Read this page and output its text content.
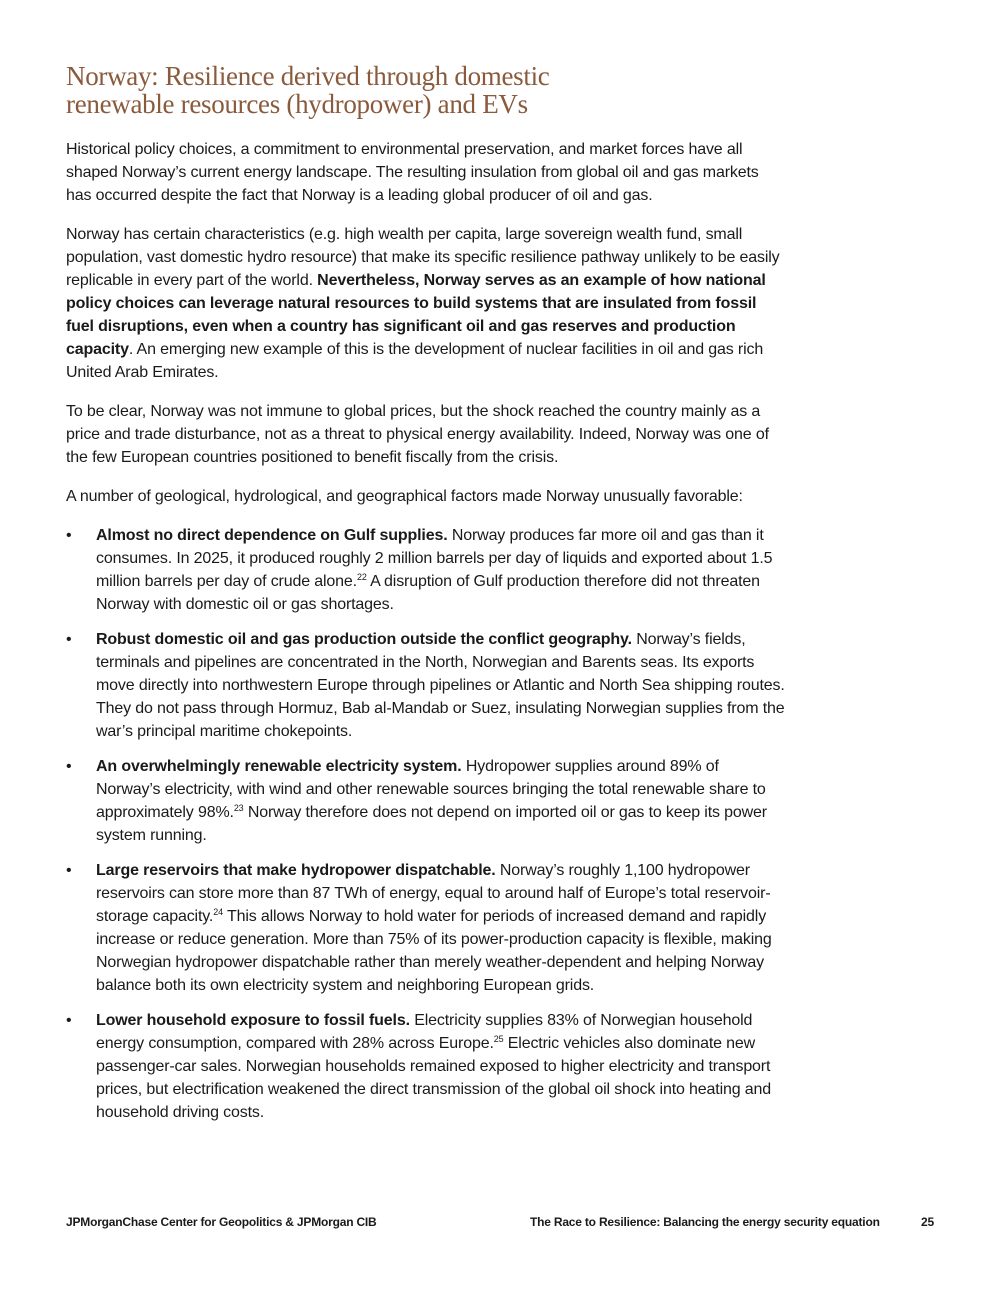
Norway: Resilience derived through domestic
renewable resources (hydropower) and EVs

Historical policy choices, a commitment to environmental preservation, and market forces have all shaped Norway’s current energy landscape. The resulting insulation from global oil and gas markets has occurred despite the fact that Norway is a leading global producer of oil and gas.

Norway has certain characteristics (e.g. high wealth per capita, large sovereign wealth fund, small population, vast domestic hydro resource) that make its specific resilience pathway unlikely to be easily replicable in every part of the world. Nevertheless, Norway serves as an example of how national policy choices can leverage natural resources to build systems that are insulated from fossil fuel disruptions, even when a country has significant oil and gas reserves and production capacity. An emerging new example of this is the development of nuclear facilities in oil and gas rich United Arab Emirates.

To be clear, Norway was not immune to global prices, but the shock reached the country mainly as a price and trade disturbance, not as a threat to physical energy availability. Indeed, Norway was one of the few European countries positioned to benefit fiscally from the crisis.

A number of geological, hydrological, and geographical factors made Norway unusually favorable:

• Almost no direct dependence on Gulf supplies. Norway produces far more oil and gas than it consumes. In 2025, it produced roughly 2 million barrels per day of liquids and exported about 1.5 million barrels per day of crude alone.$^{22}$ A disruption of Gulf production therefore did not threaten Norway with domestic oil or gas shortages.
• Robust domestic oil and gas production outside the conflict geography. Norway’s fields, terminals and pipelines are concentrated in the North, Norwegian and Barents seas. Its exports move directly into northwestern Europe through pipelines or Atlantic and North Sea shipping routes. They do not pass through Hormuz, Bab al-Mandab or Suez, insulating Norwegian supplies from the war’s principal maritime chokepoints.
• An overwhelmingly renewable electricity system. Hydropower supplies around 89% of Norway’s electricity, with wind and other renewable sources bringing the total renewable share to approximately 98%.$^{23}$ Norway therefore does not depend on imported oil or gas to keep its power system running.
• Large reservoirs that make hydropower dispatchable. Norway’s roughly 1,100 hydropower reservoirs can store more than 87 TWh of energy, equal to around half of Europe’s total reservoir-storage capacity.$^{24}$ This allows Norway to hold water for periods of increased demand and rapidly increase or reduce generation. More than 75% of its power-production capacity is flexible, making Norwegian hydropower dispatchable rather than merely weather-dependent and helping Norway balance both its own electricity system and neighboring European grids.
• Lower household exposure to fossil fuels. Electricity supplies 83% of Norwegian household energy consumption, compared with 28% across Europe.$^{25}$ Electric vehicles also dominate new passenger-car sales. Norwegian households remained exposed to higher electricity and transport prices, but electrification weakened the direct transmission of the global oil shock into heating and household driving costs.
JPMorganChase Center for Geopolitics & JPMorgan CIB	The Race to Resilience: Balancing the energy security equation	25
